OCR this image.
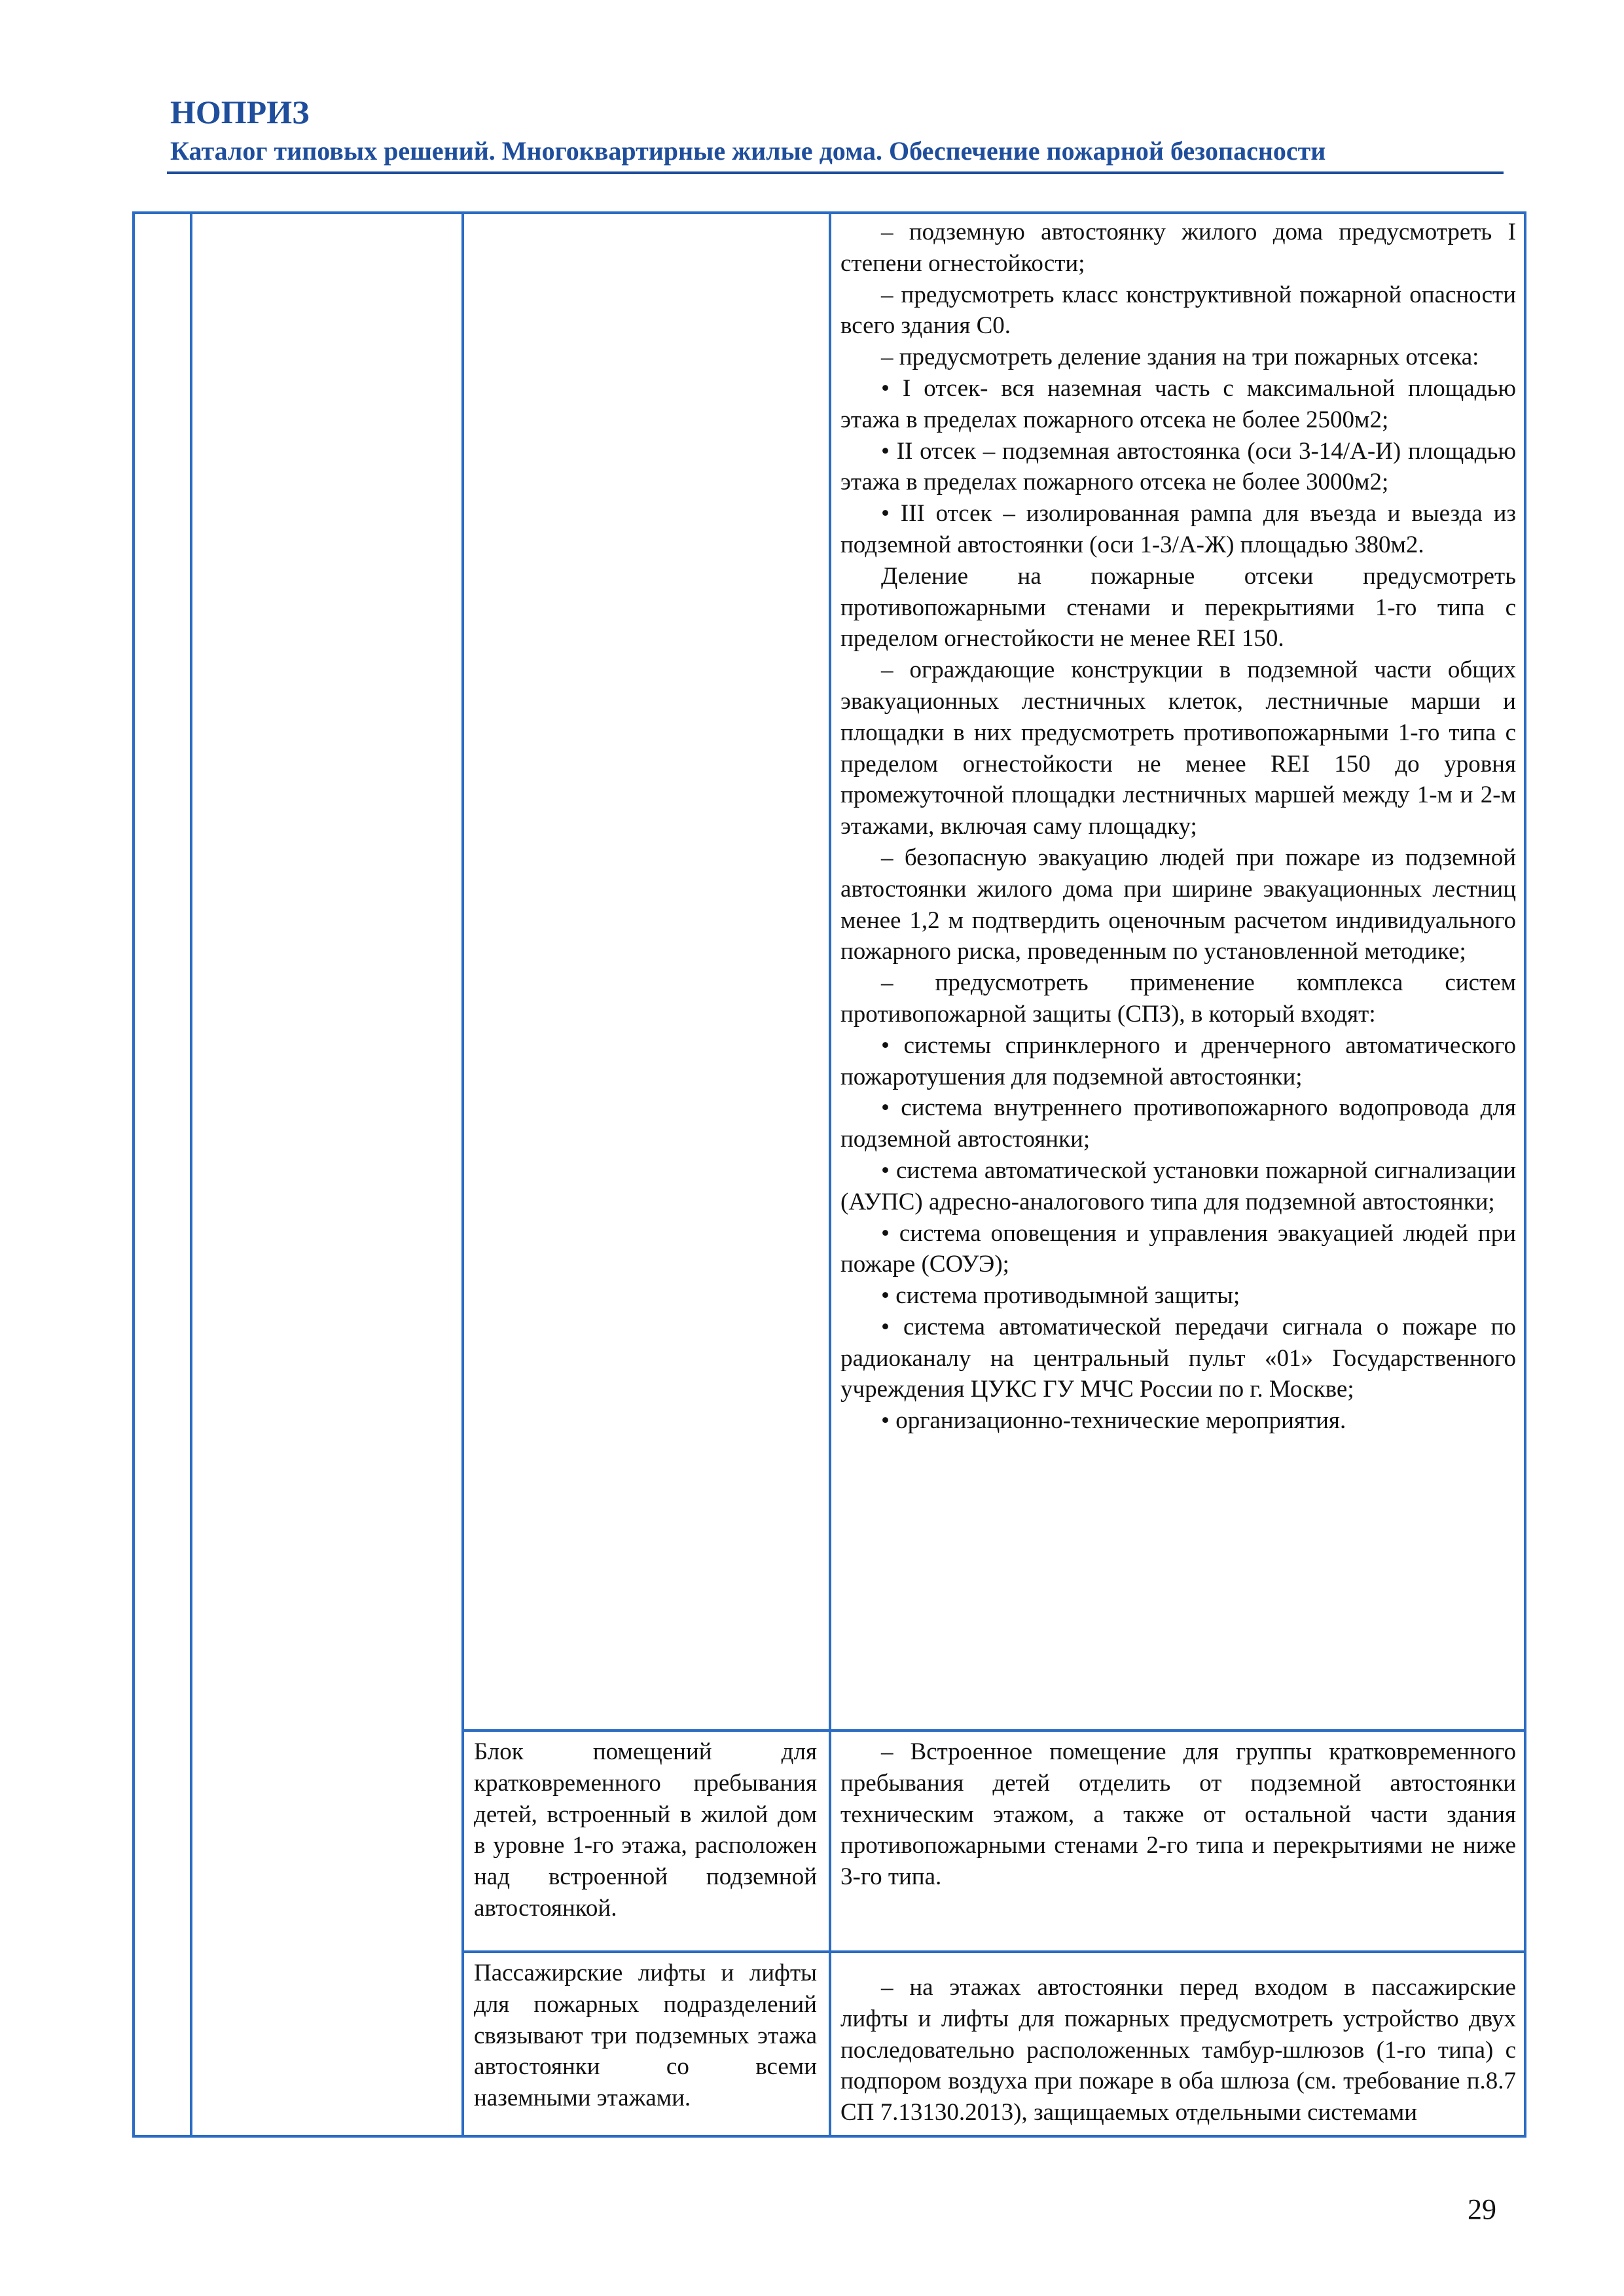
НОПРИЗ
Каталог типовых решений. Многоквартирные жилые дома. Обеспечение пожарной безопасности

– подземную автостоянку жилого дома предусмотреть I степени огнестойкости;

– предусмотреть класс конструктивной пожарной опасности всего здания С0.

– предусмотреть деление здания на три пожарных отсека:

• I отсек- вся наземная часть с максимальной площадью этажа в пределах пожарного отсека не более 2500м2;

• II отсек – подземная автостоянка (оси 3-14/А-И) площадью этажа в пределах пожарного отсека не более 3000м2;

• III отсек – изолированная рампа для въезда и выезда из подземной автостоянки (оси 1-3/А-Ж) площадью 380м2.

Деление на пожарные отсеки предусмотреть противопожарными стенами и перекрытиями 1-го типа с пределом огнестойкости не менее REI 150.

– ограждающие конструкции в подземной части общих эвакуационных лестничных клеток, лестничные марши и площадки в них предусмотреть противопожарными 1-го типа с пределом огнестойкости не менее REI 150 до уровня промежуточной площадки лестничных маршей между 1-м и 2-м этажами, включая саму площадку;

– безопасную эвакуацию людей при пожаре из подземной автостоянки жилого дома при ширине эвакуационных лестниц менее 1,2 м подтвердить оценочным расчетом индивидуального пожарного риска, проведенным по установленной методике;

– предусмотреть применение комплекса систем противопожарной защиты (СПЗ), в который входят:

• системы спринклерного и дренчерного автоматического пожаротушения для подземной автостоянки;

• система внутреннего противопожарного водопровода для подземной автостоянки;

• система автоматической установки пожарной сигнализации (АУПС) адресно-аналогового типа для подземной автостоянки;

• система оповещения и управления эвакуацией людей при пожаре (СОУЭ);

• система противодымной защиты;

• система автоматической передачи сигнала о пожаре по радиоканалу на центральный пульт «01» Государственного учреждения ЦУКС ГУ МЧС России по г. Москве;

• организационно-технические мероприятия.

Блок помещений для кратковременного пребывания детей, встроенный в жилой дом в уровне 1-го этажа, расположен над встроенной подземной автостоянкой.

– Встроенное помещение для группы кратковременного пребывания детей отделить от подземной автостоянки техническим этажом, а также от остальной части здания противопожарными стенами 2-го типа и перекрытиями не ниже 3-го типа.

Пассажирские лифты и лифты для пожарных подразделений связывают три подземных этажа автостоянки со всеми наземными этажами.

– на этажах автостоянки перед входом в пассажирские лифты и лифты для пожарных предусмотреть устройство двух последовательно расположенных тамбур-шлюзов (1-го типа) с подпором воздуха при пожаре в оба шлюза (см. требование п.8.7 СП 7.13130.2013), защищаемых отдельными системами

29
